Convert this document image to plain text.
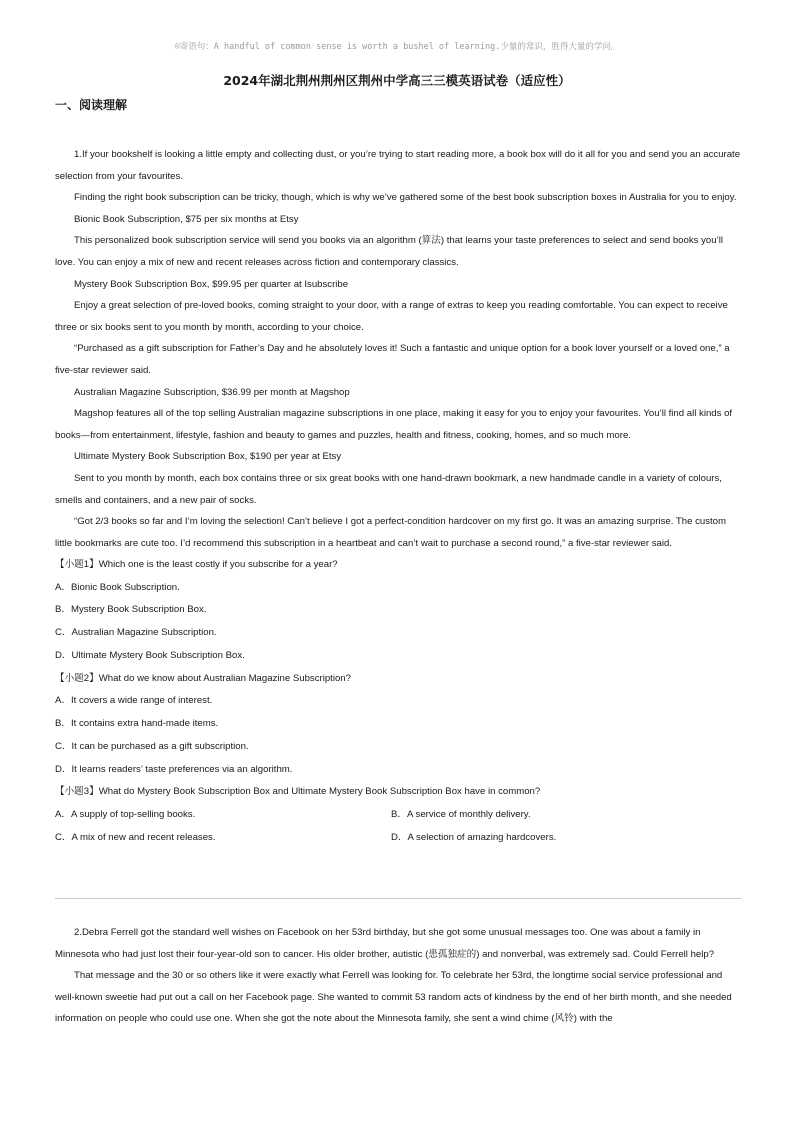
☺寄语句：A handful of common sense is worth a bushel of learning.少量的常识，胜得大量的学问。
2024年湖北荆州荆州区荆州中学高三三模英语试卷（适应性）
一、阅读理解

1.If your bookshelf is looking a little empty and collecting dust, or you’re trying to start reading more, a book box will do it all for you and send you an accurate selection from your favourites.

Finding the right book subscription can be tricky, though, which is why we’ve gathered some of the best book subscription boxes in Australia for you to enjoy.

Bionic Book Subscription, $75 per six months at Etsy

This personalized book subscription service will send you books via an algorithm (算法) that learns your taste preferences to select and send books you’ll love. You can enjoy a mix of new and recent releases across fiction and contemporary classics.

Mystery Book Subscription Box, $99.95 per quarter at Isubscribe

Enjoy a great selection of pre-loved books, coming straight to your door, with a range of extras to keep you reading comfortable. You can expect to receive three or six books sent to you month by month, according to your choice.

“Purchased as a gift subscription for Father’s Day and he absolutely loves it! Such a fantastic and unique option for a book lover yourself or a loved one,” a five-star reviewer said.

Australian Magazine Subscription, $36.99 per month at Magshop

Magshop features all of the top selling Australian magazine subscriptions in one place, making it easy for you to enjoy your favourites. You’ll find all kinds of books—from entertainment, lifestyle, fashion and beauty to games and puzzles, health and fitness, cooking, homes, and so much more.

Ultimate Mystery Book Subscription Box, $190 per year at Etsy

Sent to you month by month, each box contains three or six great books with one hand-drawn bookmark, a new handmade candle in a variety of colours, smells and containers, and a new pair of socks.

“Got 2/3 books so far and I’m loving the selection! Can’t believe I got a perfect-condition hardcover on my first go. It was an amazing surprise. The custom little bookmarks are cute too. I’d recommend this subscription in a heartbeat and can’t wait to purchase a second round,” a five-star reviewer said.

【小题1】Which one is the least costly if you subscribe for a year?

A．Bionic Book Subscription.

B．Mystery Book Subscription Box.

C．Australian Magazine Subscription.

D．Ultimate Mystery Book Subscription Box.

【小题2】What do we know about Australian Magazine Subscription?

A．It covers a wide range of interest.

B．It contains extra hand-made items.

C．It can be purchased as a gift subscription.

D．It learns readers’ taste preferences via an algorithm.

【小题3】What do Mystery Book Subscription Box and Ultimate Mystery Book Subscription Box have in common?

A．A supply of top-selling books.	B．A service of monthly delivery.

C．A mix of new and recent releases.	D．A selection of amazing hardcovers.

2.Debra Ferrell got the standard well wishes on Facebook on her 53rd birthday, but she got some unusual messages too. One was about a family in Minnesota who had just lost their four-year-old son to cancer. His older brother, autistic (患孤独症的) and nonverbal, was extremely sad. Could Ferrell help?

That message and the 30 or so others like it were exactly what Ferrell was looking for. To celebrate her 53rd, the longtime social service professional and well-known sweetie had put out a call on her Facebook page. She wanted to commit 53 random acts of kindness by the end of her birth month, and she needed information on people who could use one. When she got the note about the Minnesota family, she sent a wind chime (风铃) with the
